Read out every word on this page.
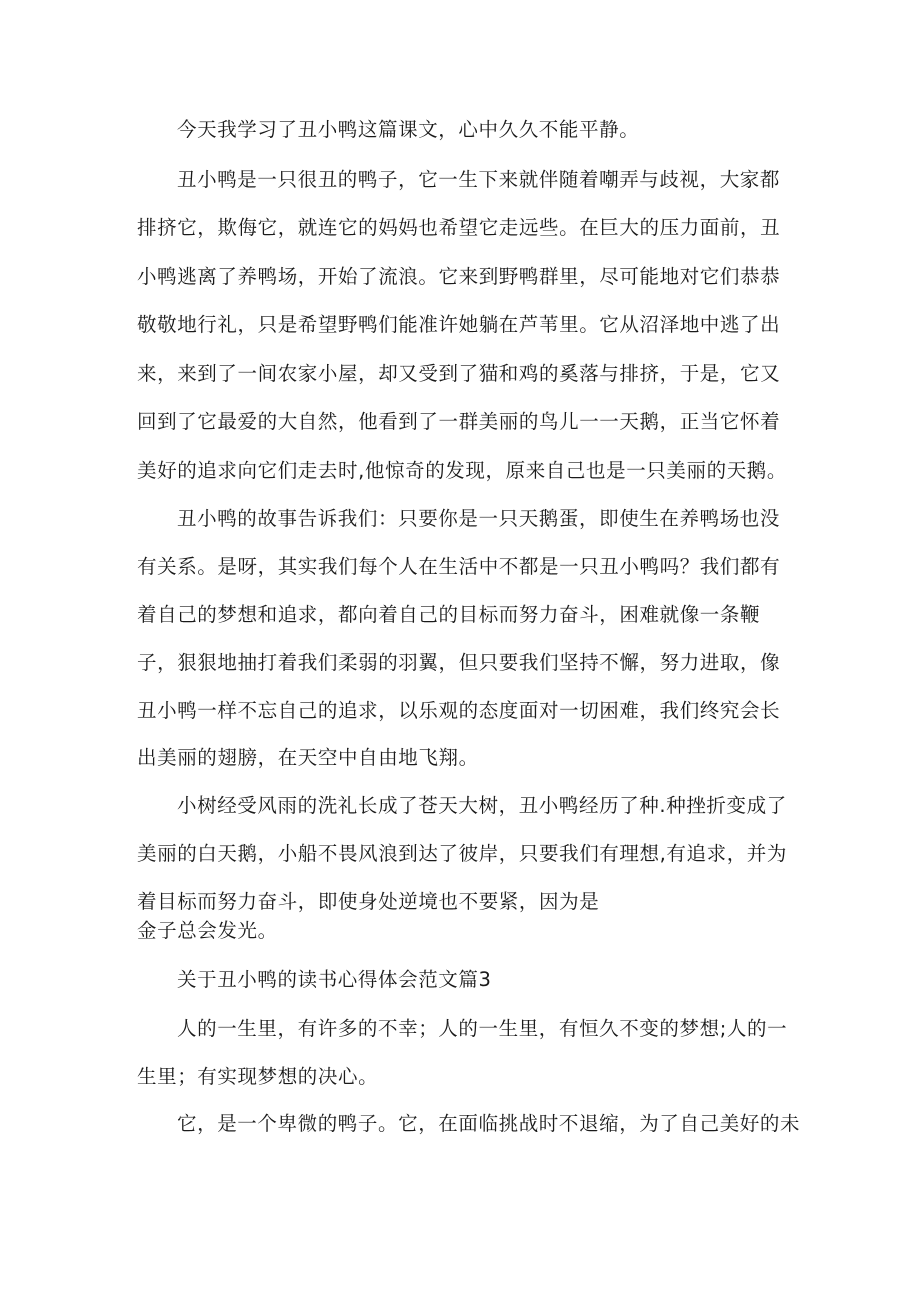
今天我学习了丑小鸭这篇课文，心中久久不能平静。
丑小鸭是一只很丑的鸭子，它一生下来就伴随着嘲弄与歧视，大家都
排挤它，欺侮它，就连它的妈妈也希望它走远些。在巨大的压力面前，丑
小鸭逃离了养鸭场，开始了流浪。它来到野鸭群里，尽可能地对它们恭恭
敬敬地行礼，只是希望野鸭们能准许她躺在芦苇里。它从沼泽地中逃了出
来，来到了一间农家小屋，却又受到了猫和鸡的奚落与排挤，于是，它又
回到了它最爱的大自然，他看到了一群美丽的鸟儿一一天鹅，正当它怀着
美好的追求向它们走去时,他惊奇的发现，原来自己也是一只美丽的天鹅。
丑小鸭的故事告诉我们：只要你是一只天鹅蛋，即使生在养鸭场也没
有关系。是呀，其实我们每个人在生活中不都是一只丑小鸭吗？我们都有
着自己的梦想和追求，都向着自己的目标而努力奋斗，困难就像一条鞭
子，狠狠地抽打着我们柔弱的羽翼，但只要我们坚持不懈，努力进取，像
丑小鸭一样不忘自己的追求，以乐观的态度面对一切困难，我们终究会长
出美丽的翅膀，在天空中自由地飞翔。
小树经受风雨的洗礼长成了苍天大树，丑小鸭经历了种.种挫折变成了
美丽的白天鹅，小船不畏风浪到达了彼岸，只要我们有理想,有追求，并为
着目标而努力奋斗，即使身处逆境也不要紧，因为是
金子总会发光。
关于丑小鸭的读书心得体会范文篇3
人的一生里，有许多的不幸；人的一生里，有恒久不变的梦想;人的一
生里；有实现梦想的决心。
它，是一个卑微的鸭子。它，在面临挑战时不退缩，为了自己美好的未
